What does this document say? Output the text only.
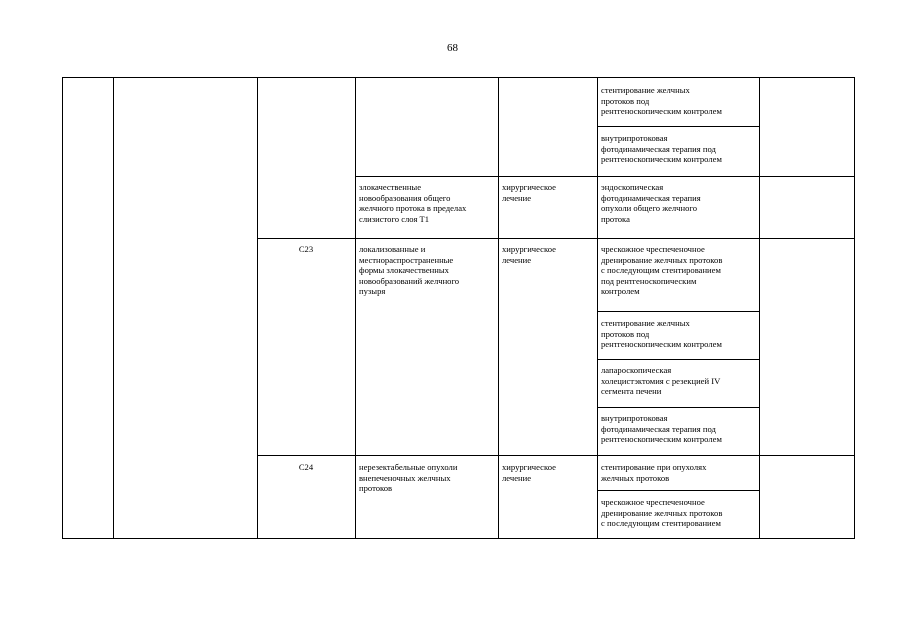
68
стентирование желчных
протоков под
рентгеноскопическим контролем
внутрипротоковая
фотодинамическая терапия под
рентгеноскопическим контролем
злокачественные
новообразования общего
желчного протока в пределах
слизистого слоя T1
хирургическое
лечение
эндоскопическая
фотодинамическая терапия
опухоли общего желчного
протока
C23	локализованные и
местнораспространенные
формы злокачественных
новообразований желчного
пузыря
хирургическое
лечение
чрескожное чреспеченочное
дренирование желчных протоков
с последующим стентированием
под рентгеноскопическим
контролем
стентирование желчных
протоков под
рентгеноскопическим контролем
лапароскопическая
холецистэктомия с резекцией IV
сегмента печени
внутрипротоковая
фотодинамическая терапия под
рентгеноскопическим контролем
C24	нерезектабельные опухоли
внепеченочных желчных
протоков
хирургическое
лечение
стентирование при опухолях
желчных протоков
чрескожное чреспеченочное
дренирование желчных протоков
с последующим стентированием
